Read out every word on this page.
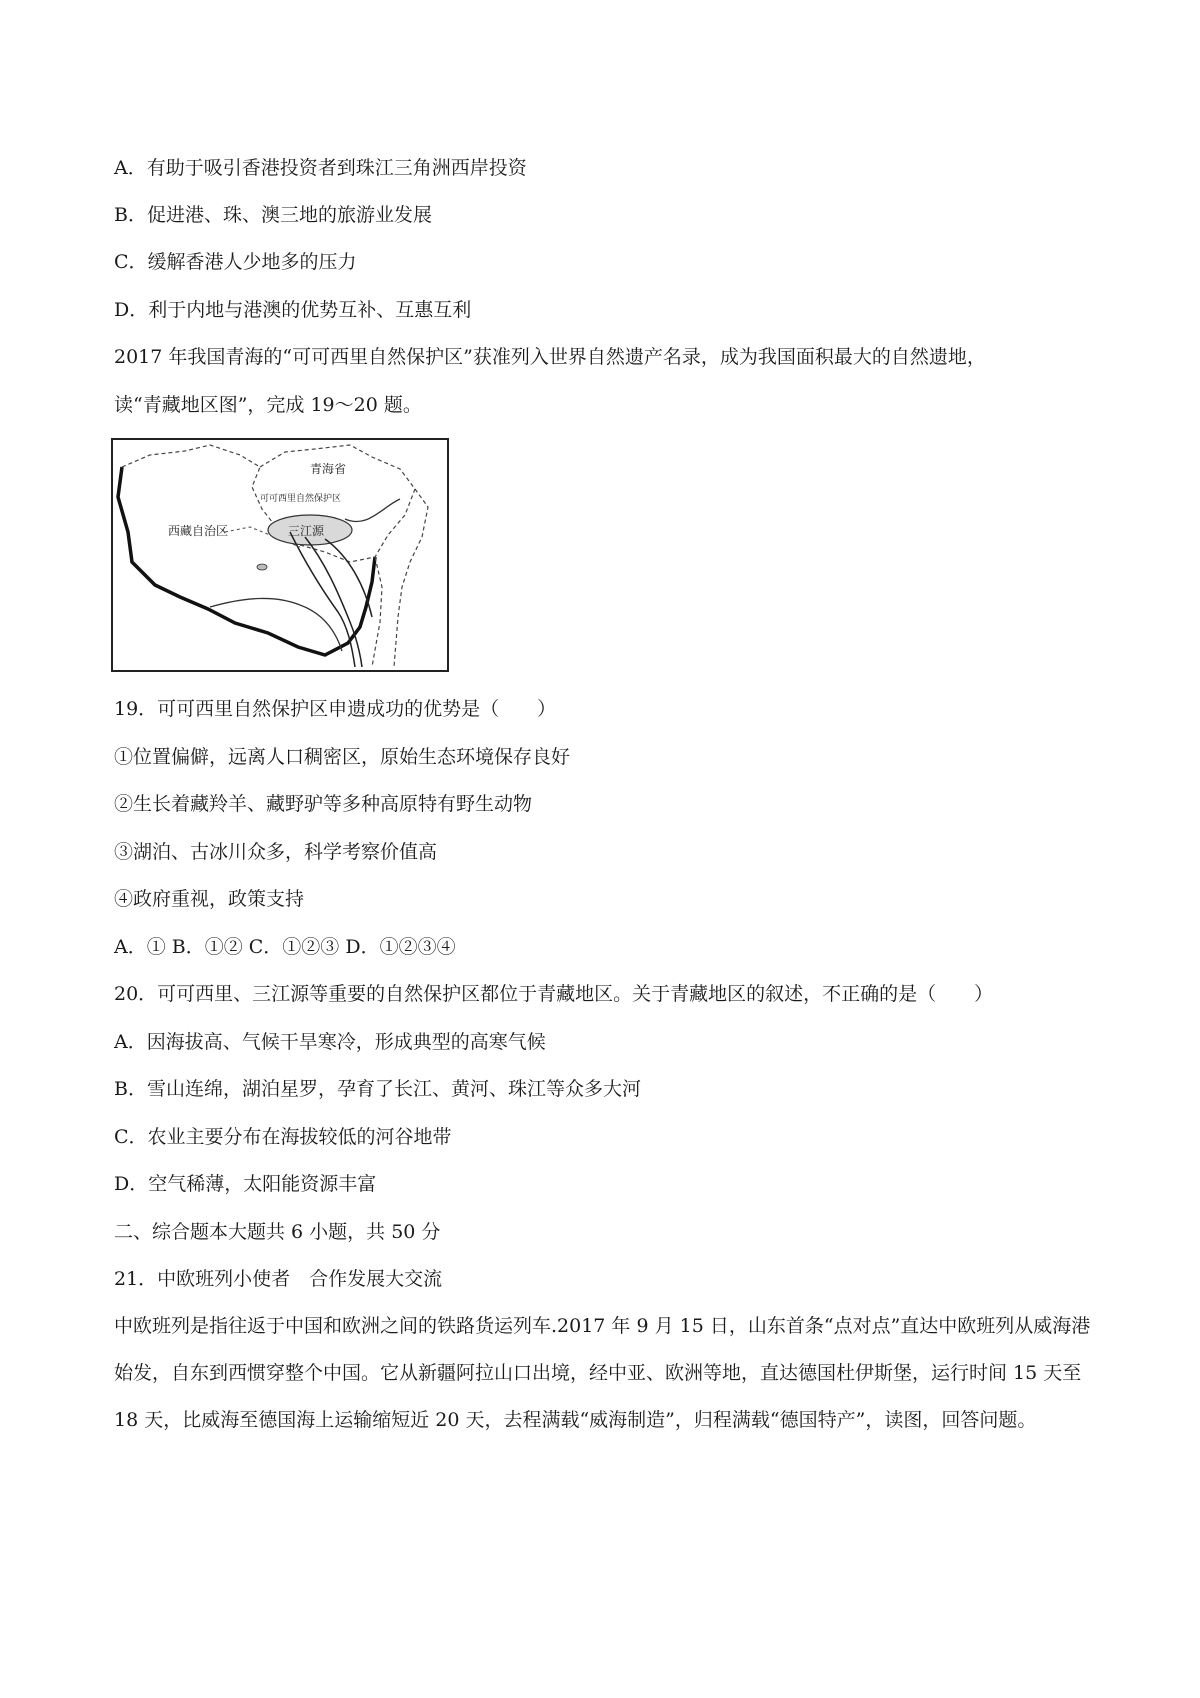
A．有助于吸引香港投资者到珠江三角洲西岸投资
B．促进港、珠、澳三地的旅游业发展
C．缓解香港人少地多的压力
D．利于内地与港澳的优势互补、互惠互利
2017 年我国青海的“可可西里自然保护区”获准列入世界自然遗产名录，成为我国面积最大的自然遗地，
读“青藏地区图”，完成 19～20 题。
青海省
可可西里自然保护区
西藏自治区	三江源
19．可可西里自然保护区申遗成功的优势是（　　）
①位置偏僻，远离人口稠密区，原始生态环境保存良好
②生长着藏羚羊、藏野驴等多种高原特有野生动物
③湖泊、古冰川众多，科学考察价值高
④政府重视，政策支持
A．① B．①② C．①②③ D．①②③④
20．可可西里、三江源等重要的自然保护区都位于青藏地区。关于青藏地区的叙述，不正确的是（　　）
A．因海拔高、气候干旱寒冷，形成典型的高寒气候
B．雪山连绵，湖泊星罗，孕育了长江、黄河、珠江等众多大河
C．农业主要分布在海拔较低的河谷地带
D．空气稀薄，太阳能资源丰富
二、综合题本大题共 6 小题，共 50 分
21．中欧班列小使者　合作发展大交流
中欧班列是指往返于中国和欧洲之间的铁路货运列车.2017 年 9 月 15 日，山东首条“点对点”直达中欧班列从威海港始发，自东到西惯穿整个中国。它从新疆阿拉山口出境，经中亚、欧洲等地，直达德国杜伊斯堡，运行时间 15 天至 18 天，比威海至德国海上运输缩短近 20 天，去程满载“威海制造”，归程满载“德国特产”，读图，回答问题。
